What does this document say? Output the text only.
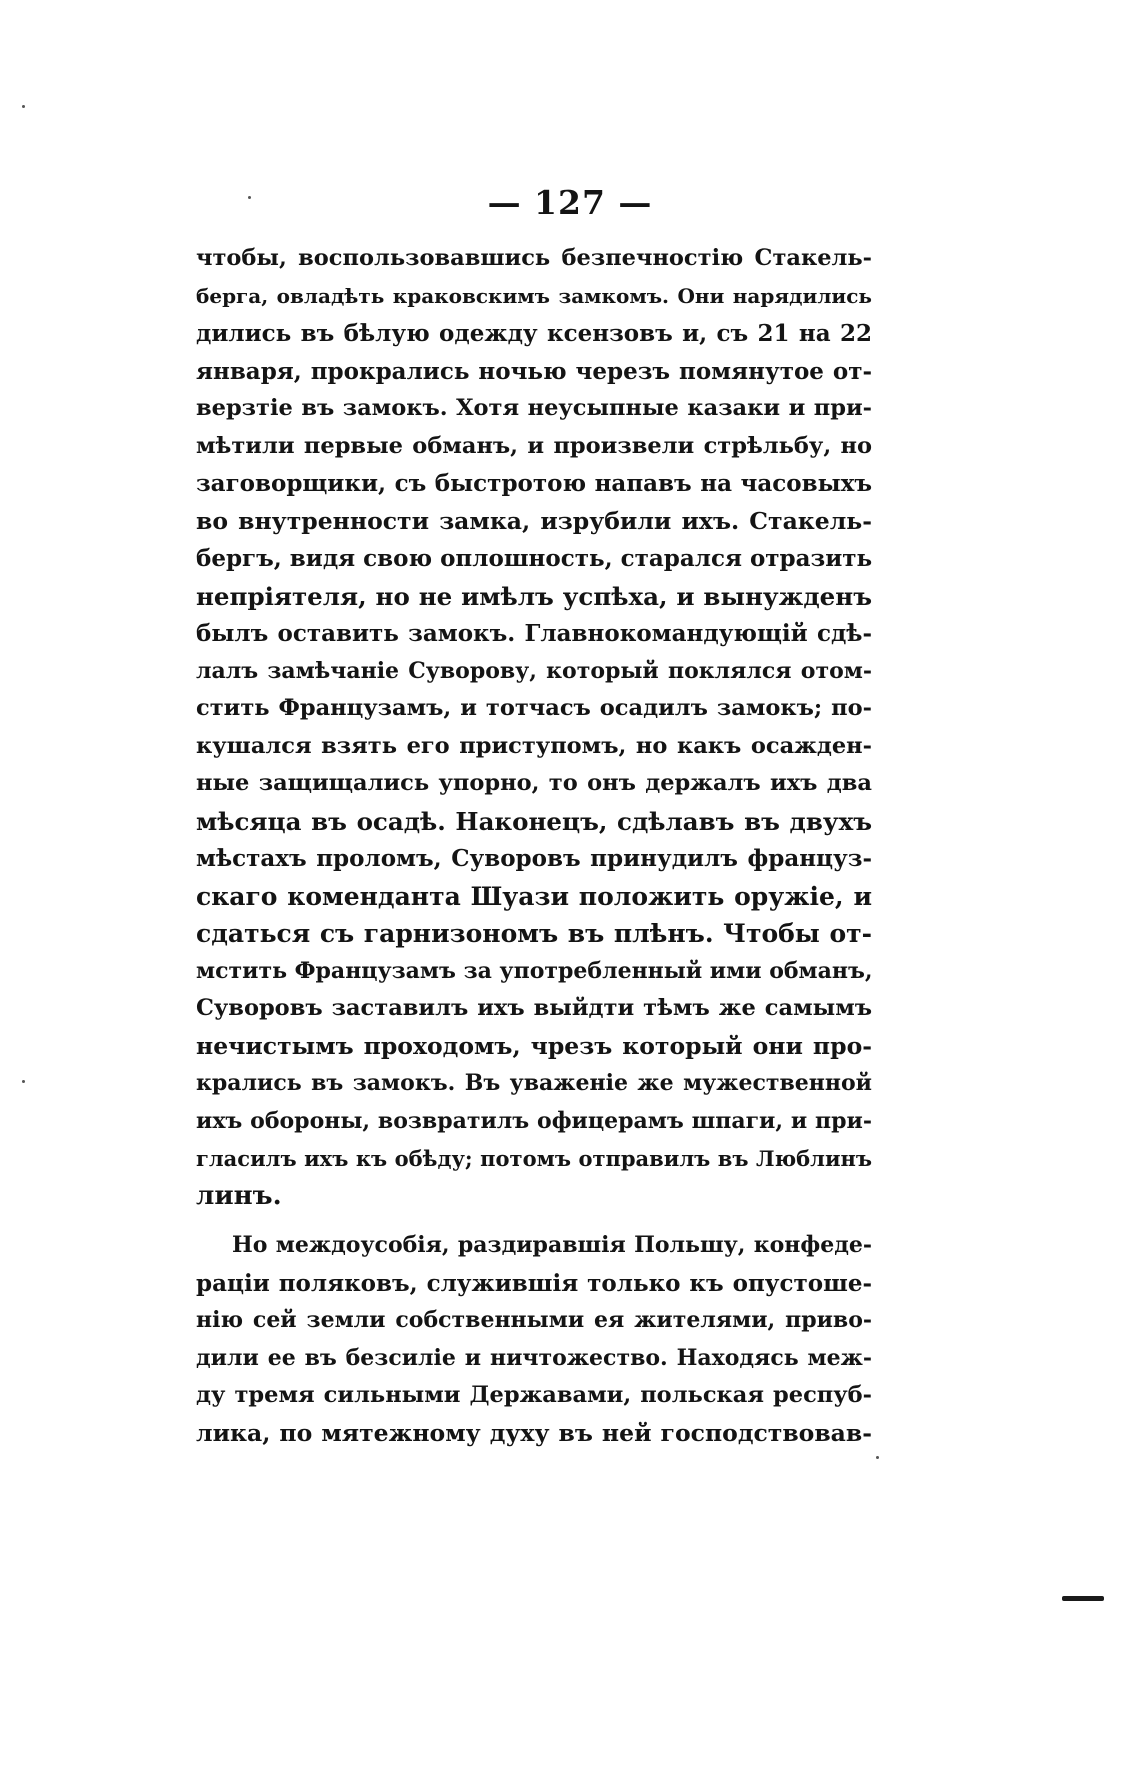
— 127 —
чтобы, воспользовавшись безпечностію Стакель-
берга, овладѣть краковскимъ замкомъ. Они нарядились
дились въ бѣлую одежду ксензовъ и, съ 21 на 22
января, прокрались ночью черезъ помянутое от-
верзтіе въ замокъ. Хотя неусыпные казаки и при-
мѣтили первые обманъ, и произвели стрѣльбу, но
заговорщики, съ быстротою напавъ на часовыхъ
во внутренности замка, изрубили ихъ. Стакель-
бергъ, видя свою оплошность, старался отразить
непріятеля, но не имѣлъ успѣха, и вынужденъ
былъ оставить замокъ. Главнокомандующій сдѣ-
лалъ замѣчаніе Суворову, который поклялся отом-
стить Французамъ, и тотчасъ осадилъ замокъ; по-
кушался взять его приступомъ, но какъ осажден-
ные защищались упорно, то онъ держалъ ихъ два
мѣсяца въ осадѣ. Наконецъ, сдѣлавъ въ двухъ
мѣстахъ проломъ, Суворовъ принудилъ француз-
скаго коменданта Шуази положить оружіе, и
сдаться съ гарнизономъ въ плѣнъ. Чтобы от-
мстить Французамъ за употребленный ими обманъ,
Суворовъ заставилъ ихъ выйдти тѣмъ же самымъ
нечистымъ проходомъ, чрезъ который они про-
крались въ замокъ. Въ уваженіе же мужественной
ихъ обороны, возвратилъ офицерамъ шпаги, и при-
гласилъ ихъ къ обѣду; потомъ отправилъ въ Люблинъ
линъ.
Но междоусобія, раздиравшія Польшу, конфеде-
раціи поляковъ, служившія только къ опустоше-
нію сей земли собственными ея жителями, приво-
дили ее въ безсиліе и ничтожество. Находясь меж-
ду тремя сильными Державами, польская респуб-
лика, по мятежному духу въ ней господствовав-
